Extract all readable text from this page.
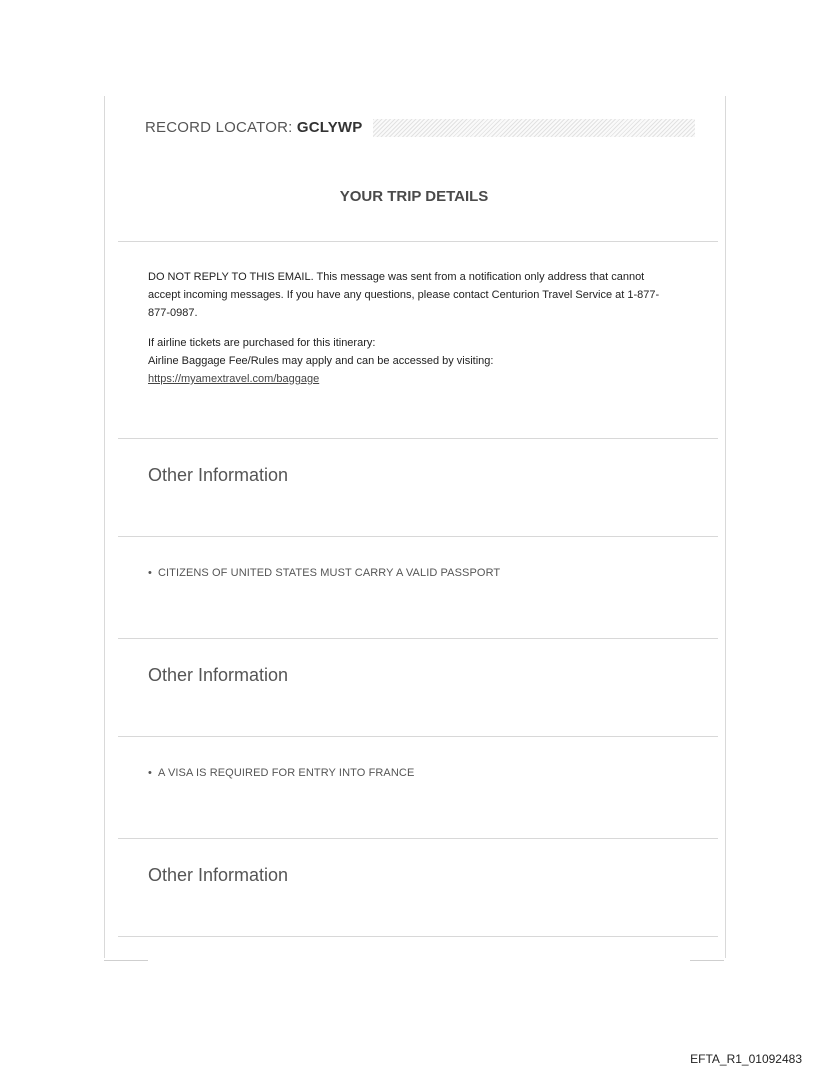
RECORD LOCATOR: GCLYWP
YOUR TRIP DETAILS

DO NOT REPLY TO THIS EMAIL. This message was sent from a notification only address that cannot accept incoming messages. If you have any questions, please contact Centurion Travel Service at 1-877-877-0987.

If airline tickets are purchased for this itinerary:

Airline Baggage Fee/Rules may apply and can be accessed by visiting:

https://myamextravel.com/baggage
Other Information
• CITIZENS OF UNITED STATES MUST CARRY A VALID PASSPORT
Other Information
• A VISA IS REQUIRED FOR ENTRY INTO FRANCE
Other Information
EFTA_R1_01092483
